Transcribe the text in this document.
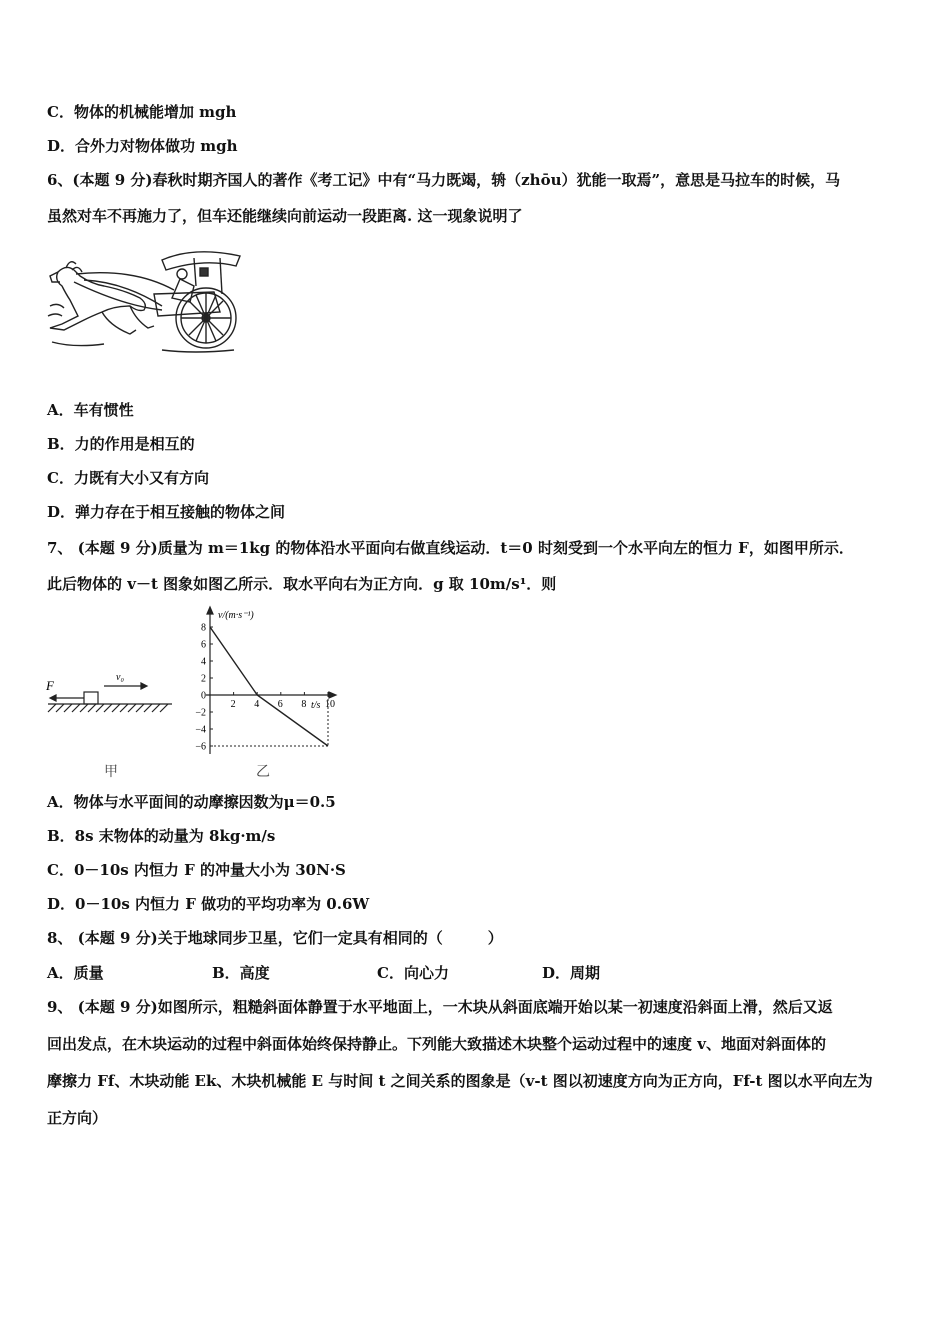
C．物体的机械能增加 mgh
D．合外力对物体做功 mgh
6、(本题 9 分)春秋时期齐国人的著作《考工记》中有“马力既竭，辀（zhōu）犹能一取焉”，意思是马拉车的时候，马
虽然对车不再施力了，但车还能继续向前运动一段距离. 这一现象说明了
A．车有惯性
B．力的作用是相互的
C．力既有大小又有方向
D．弹力存在于相互接触的物体之间
7、 (本题 9 分)质量为 m＝1kg 的物体沿水平面向右做直线运动．t＝0 时刻受到一个水平向左的恒力 F，如图甲所示．
此后物体的 v－t 图象如图乙所示．取水平向右为正方向．g 取 10m/s¹．则
F
v₀
甲
2 4 6 8 10
8
6
4
2
0
−2
−4
−6
v/(m·s⁻¹)
t/s
乙
A．物体与水平面间的动摩擦因数为μ＝0.5
B．8s 末物体的动量为 8kg·m/s
C．0－10s 内恒力 F 的冲量大小为 30N·S
D．0－10s 内恒力 F 做功的平均功率为 0.6W
8、 (本题 9 分)关于地球同步卫星，它们一定具有相同的（　　　）
A．质量	B．高度	C．向心力	D．周期
9、 (本题 9 分)如图所示，粗糙斜面体静置于水平地面上，一木块从斜面底端开始以某一初速度沿斜面上滑，然后又返
回出发点，在木块运动的过程中斜面体始终保持静止。下列能大致描述木块整个运动过程中的速度 v、地面对斜面体的
摩擦力 Ff、木块动能 Ek、木块机械能 E 与时间 t 之间关系的图象是（v-t 图以初速度方向为正方向，Ff-t 图以水平向左为
正方向）
